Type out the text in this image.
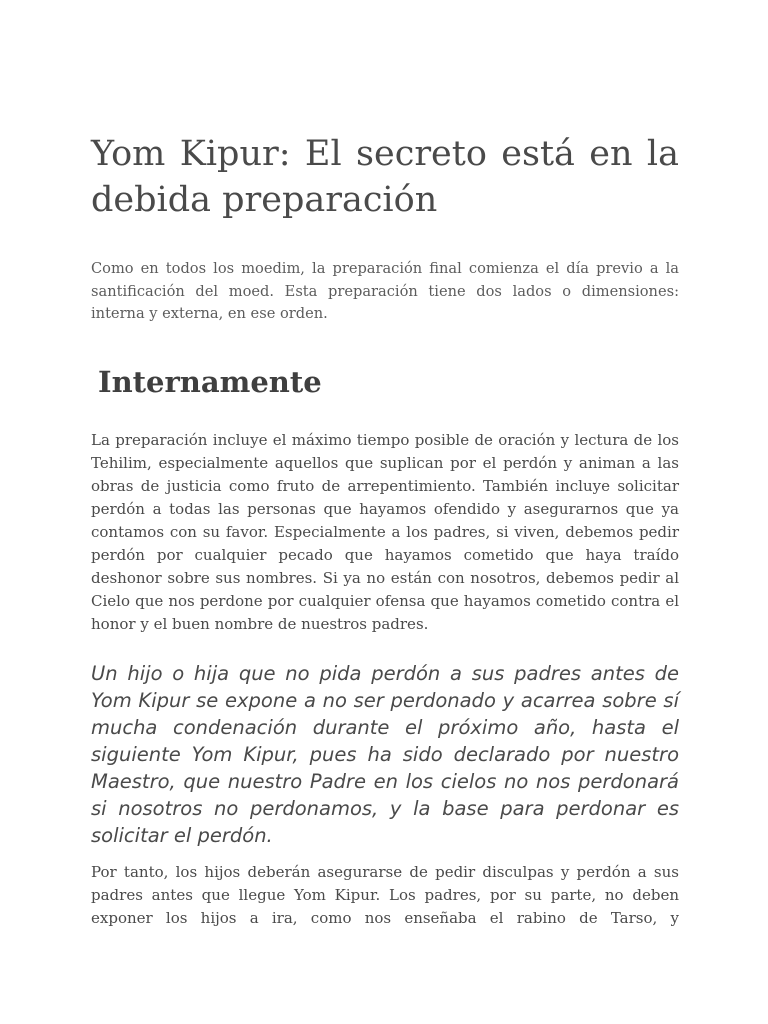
Yom Kipur: El secreto está en la debida preparación

Como en todos los moedim, la preparación final comienza el día previo a la santificación del moed. Esta preparación tiene dos lados o dimensiones: interna y externa, en ese orden.

Internamente

La preparación incluye el máximo tiempo posible de oración y lectura de los Tehilim, especialmente aquellos que suplican por el perdón y animan a las obras de justicia como fruto de arrepentimiento. También incluye solicitar perdón a todas las personas que hayamos ofendido y asegurarnos que ya contamos con su favor. Especialmente a los padres, si viven, debemos pedir perdón por cualquier pecado que hayamos cometido que haya traído deshonor sobre sus nombres. Si ya no están con nosotros, debemos pedir al Cielo que nos perdone por cualquier ofensa que hayamos cometido contra el honor y el buen nombre de nuestros padres.

Un hijo o hija que no pida perdón a sus padres antes de Yom Kipur se expone a no ser perdonado y acarrea sobre sí mucha condenación durante el próximo año, hasta el siguiente Yom Kipur, pues ha sido declarado por nuestro Maestro, que nuestro Padre en los cielos no nos perdonará si nosotros no perdonamos, y la base para perdonar es solicitar el perdón.

Por tanto, los hijos deberán asegurarse de pedir disculpas y perdón a sus padres antes que llegue Yom Kipur. Los padres, por su parte, no deben exponer los hijos a ira, como nos enseñaba el rabino de Tarso, y
